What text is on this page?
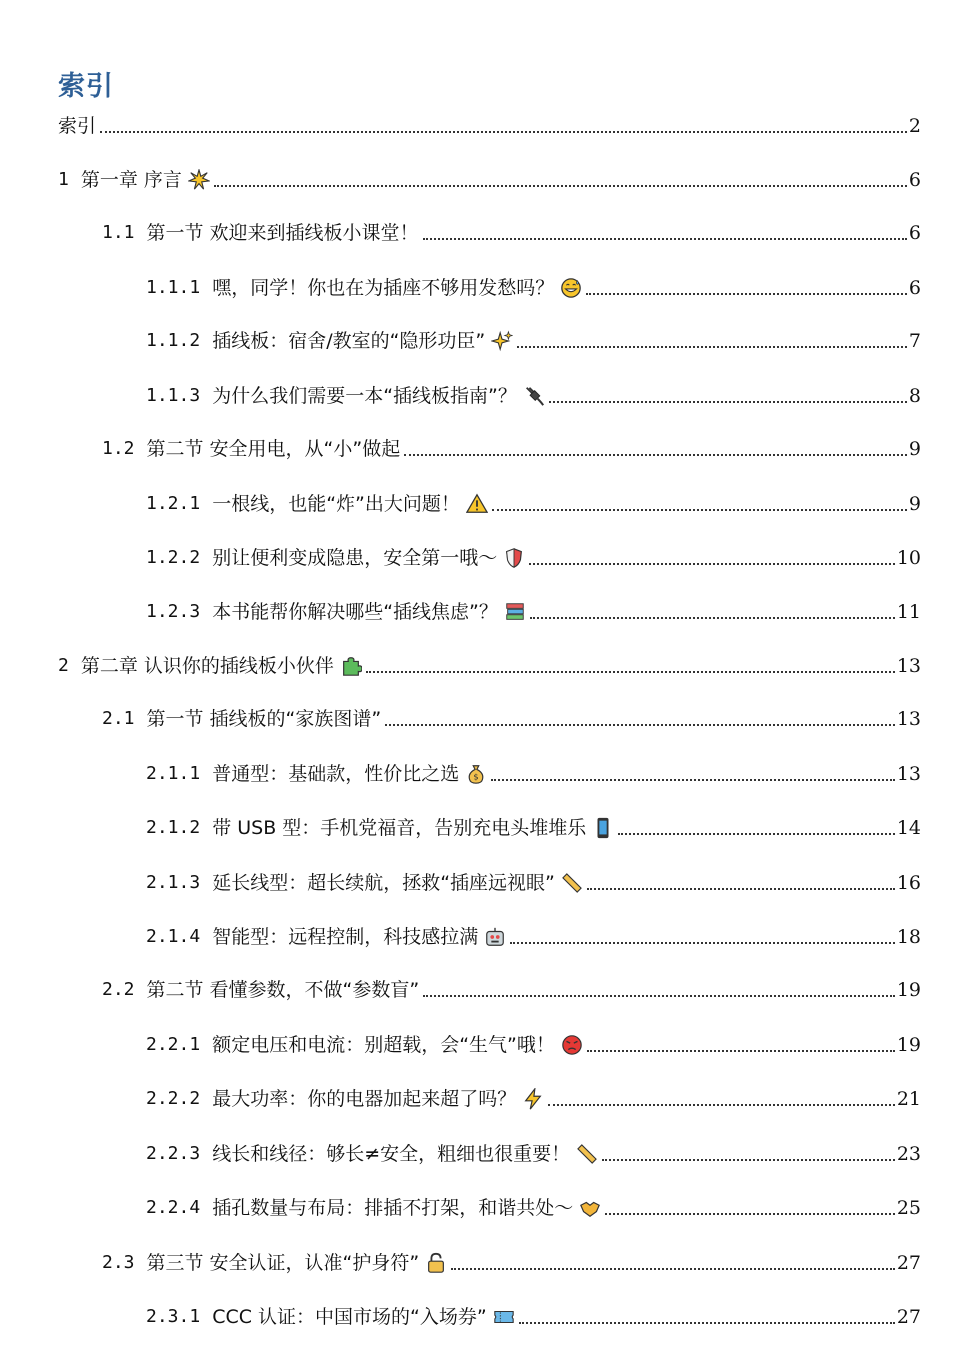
索引
索引	2
1 第一章 序言	6
1.1 第一节 欢迎来到插线板小课堂！	6
1.1.1 嘿，同学！你也在为插座不够用发愁吗？	6
1.1.2 插线板：宿舍/教室的“隐形功臣”	7
1.1.3 为什么我们需要一本“插线板指南”？	8
1.2 第二节 安全用电，从“小”做起	9
1.2.1 一根线，也能“炸”出大问题！	9
1.2.2 别让便利变成隐患，安全第一哦～	10
1.2.3 本书能帮你解决哪些“插线焦虑”？	11
2 第二章 认识你的插线板小伙伴	13
2.1 第一节 插线板的“家族图谱”	13
2.1.1 普通型：基础款，性价比之选 $	13
2.1.2 带 USB 型：手机党福音，告别充电头堆堆乐	14
2.1.3 延长线型：超长续航，拯救“插座远视眼”	16
2.1.4 智能型：远程控制，科技感拉满	18
2.2 第二节 看懂参数，不做“参数盲”	19
2.2.1 额定电压和电流：别超载，会“生气”哦！	19
2.2.2 最大功率：你的电器加起来超了吗？	21
2.2.3 线长和线径：够长≠安全，粗细也很重要！	23
2.2.4 插孔数量与布局：排插不打架，和谐共处～	25
2.3 第三节 安全认证，认准“护身符”	27
2.3.1 CCC 认证：中国市场的“入场券”	27
